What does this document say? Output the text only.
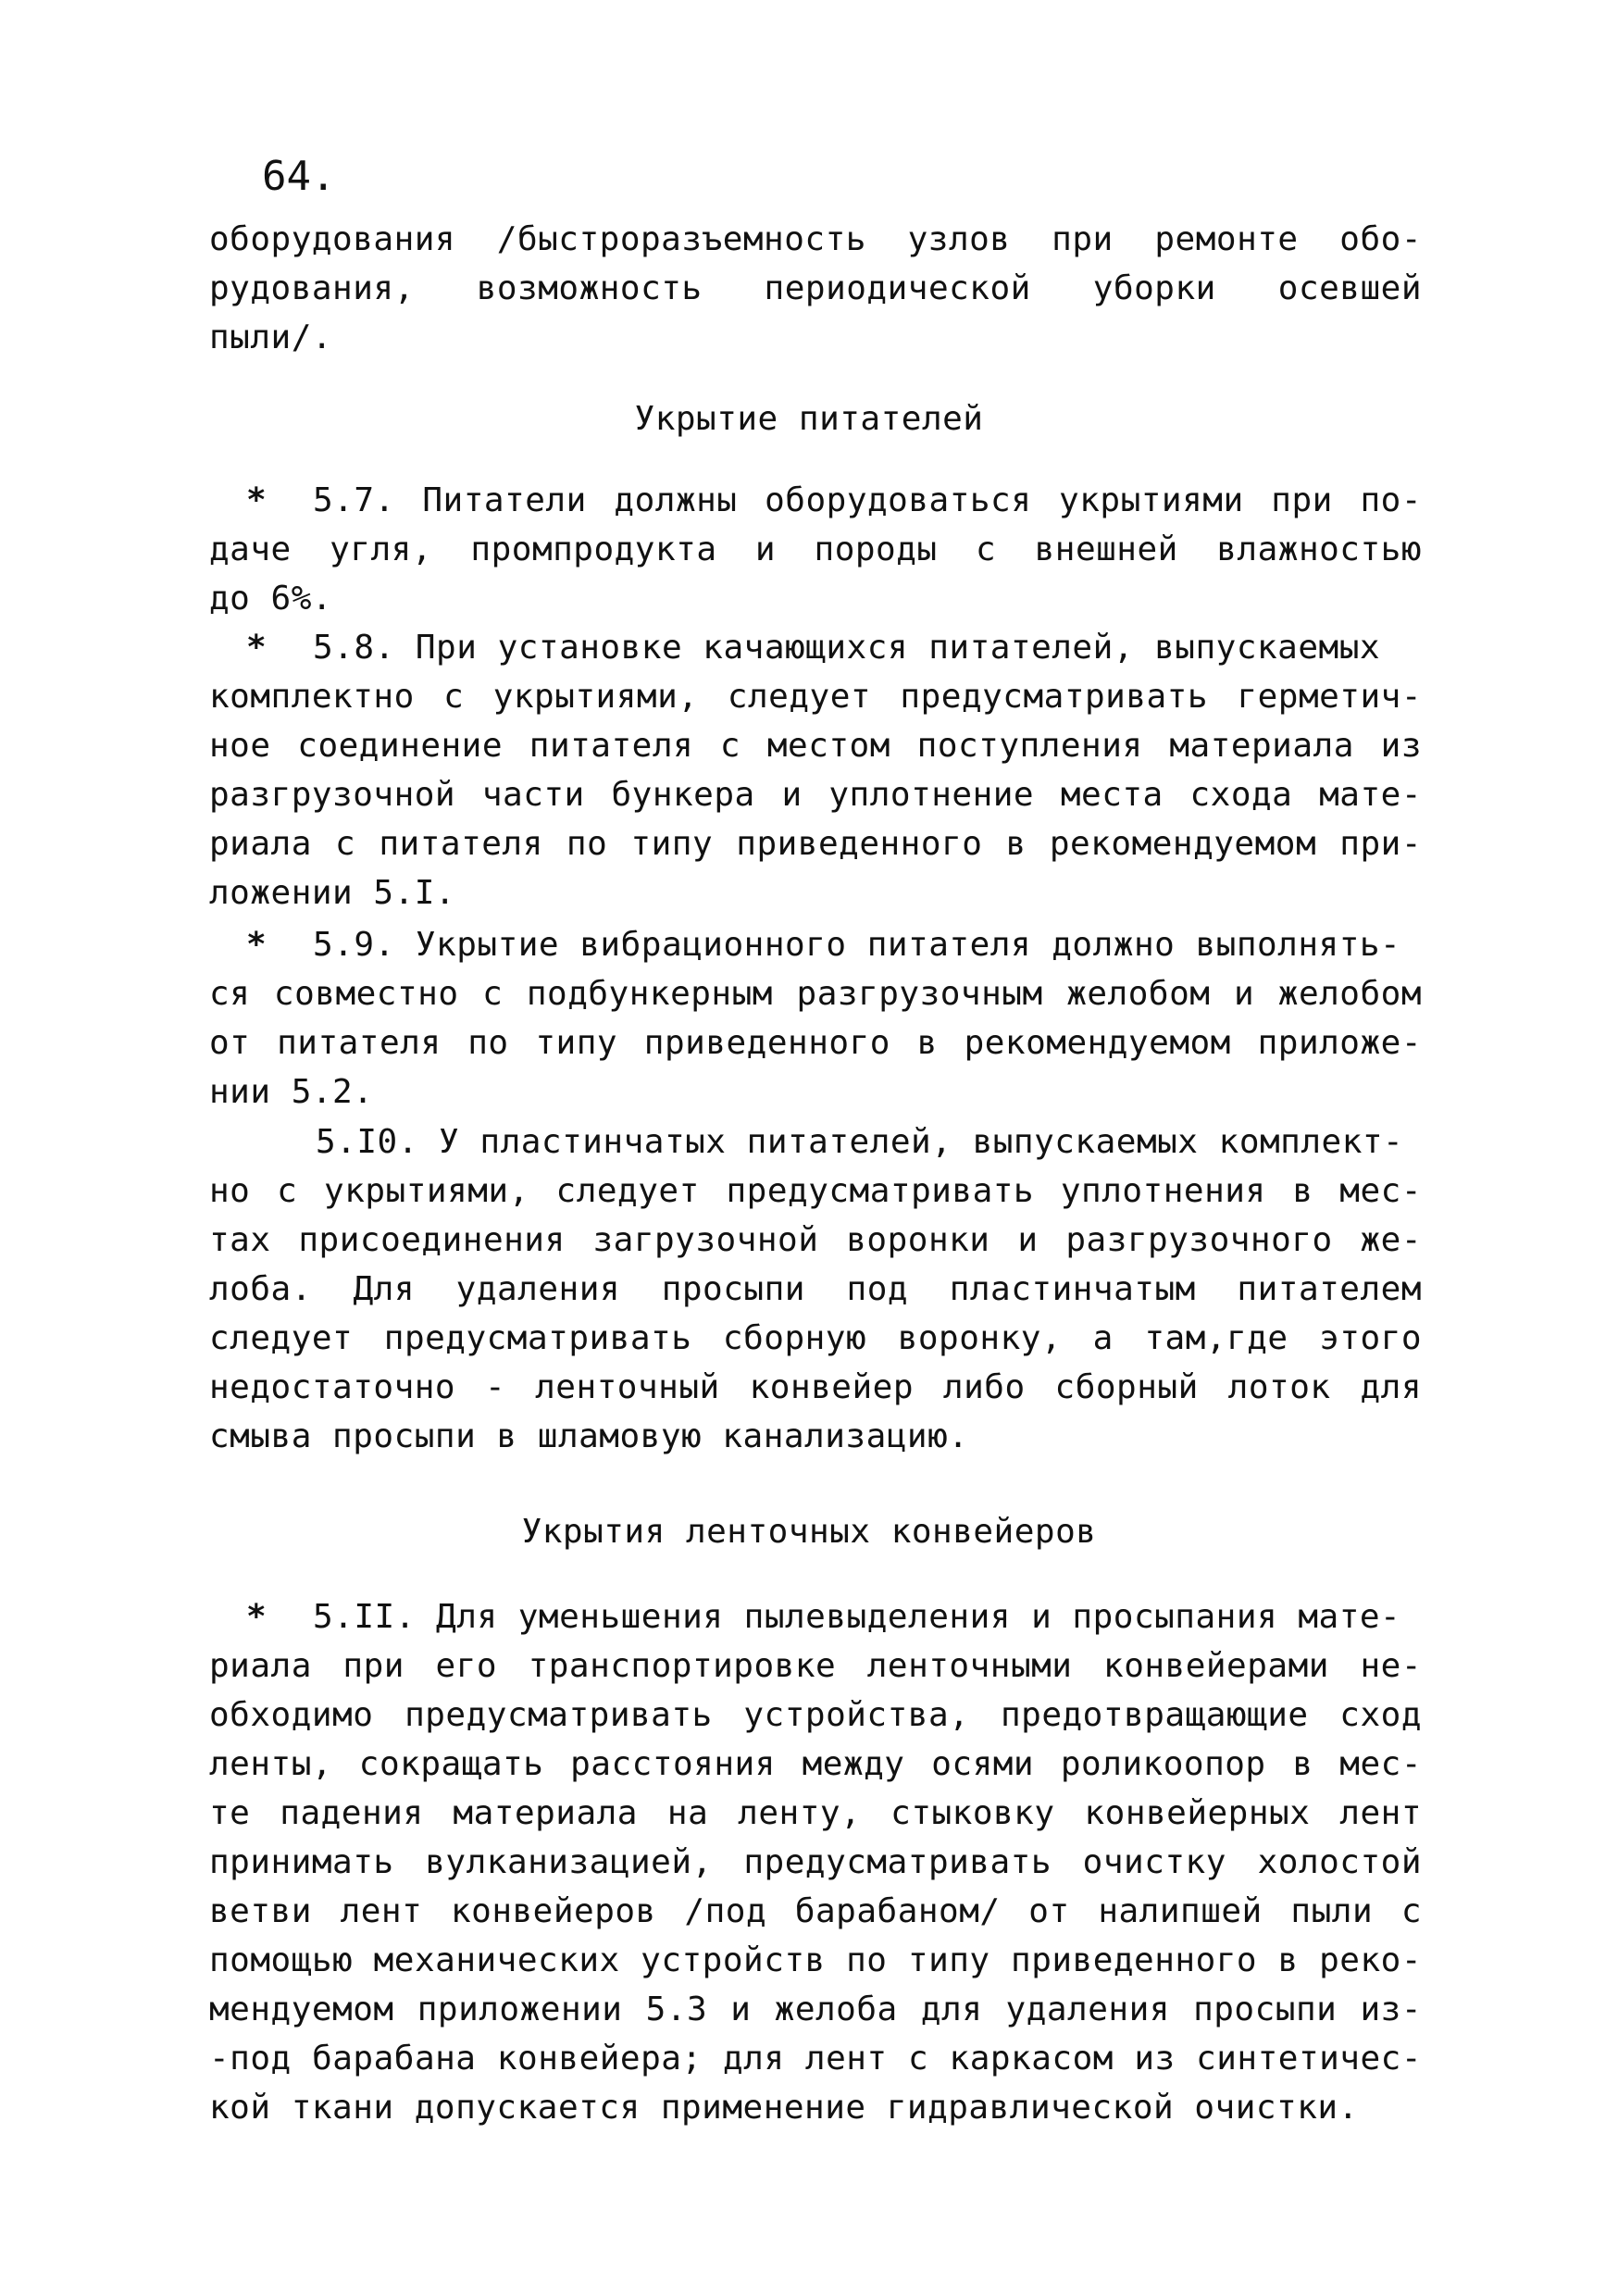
64.
оборудования /быстроразъемность узлов при ремонте обо-
рудования, возможность периодической уборки осевшей
пыли/.
Укрытие питателей
* 5.7. Питатели должны оборудоваться укрытиями при по-
даче угля, промпродукта и породы с внешней влажностью
до 6%.
* 5.8. При установке качающихся питателей, выпускаемых
комплектно с укрытиями, следует предусматривать герметич-
ное соединение питателя с местом поступления материала из
разгрузочной части бункера и уплотнение места схода мате-
риала с питателя по типу приведенного в рекомендуемом при-
ложении 5.I.
* 5.9. Укрытие вибрационного питателя должно выполнять-
ся совместно с подбункерным разгрузочным желобом и желобом
от питателя по типу приведенного в рекомендуемом приложе-
нии 5.2.
5.I0. У пластинчатых питателей, выпускаемых комплект-
но с укрытиями, следует предусматривать уплотнения в мес-
тах присоединения загрузочной воронки и разгрузочного же-
лоба. Для удаления просыпи под пластинчатым питателем
следует предусматривать сборную воронку, а там,где этого
недостаточно - ленточный конвейер либо сборный лоток для
смыва просыпи в шламовую канализацию.
Укрытия ленточных конвейеров
* 5.II. Для уменьшения пылевыделения и просыпания мате-
риала при его транспортировке ленточными конвейерами не-
обходимо предусматривать устройства, предотвращающие сход
ленты, сокращать расстояния между осями роликоопор в мес-
те падения материала на ленту, стыковку конвейерных лент
принимать вулканизацией, предусматривать очистку холостой
ветви лент конвейеров /под барабаном/ от налипшей пыли с
помощью механических устройств по типу приведенного в реко-
мендуемом приложении 5.3 и желоба для удаления просыпи из-
-под барабана конвейера; для лент с каркасом из синтетичес-
кой ткани допускается применение гидравлической очистки.
